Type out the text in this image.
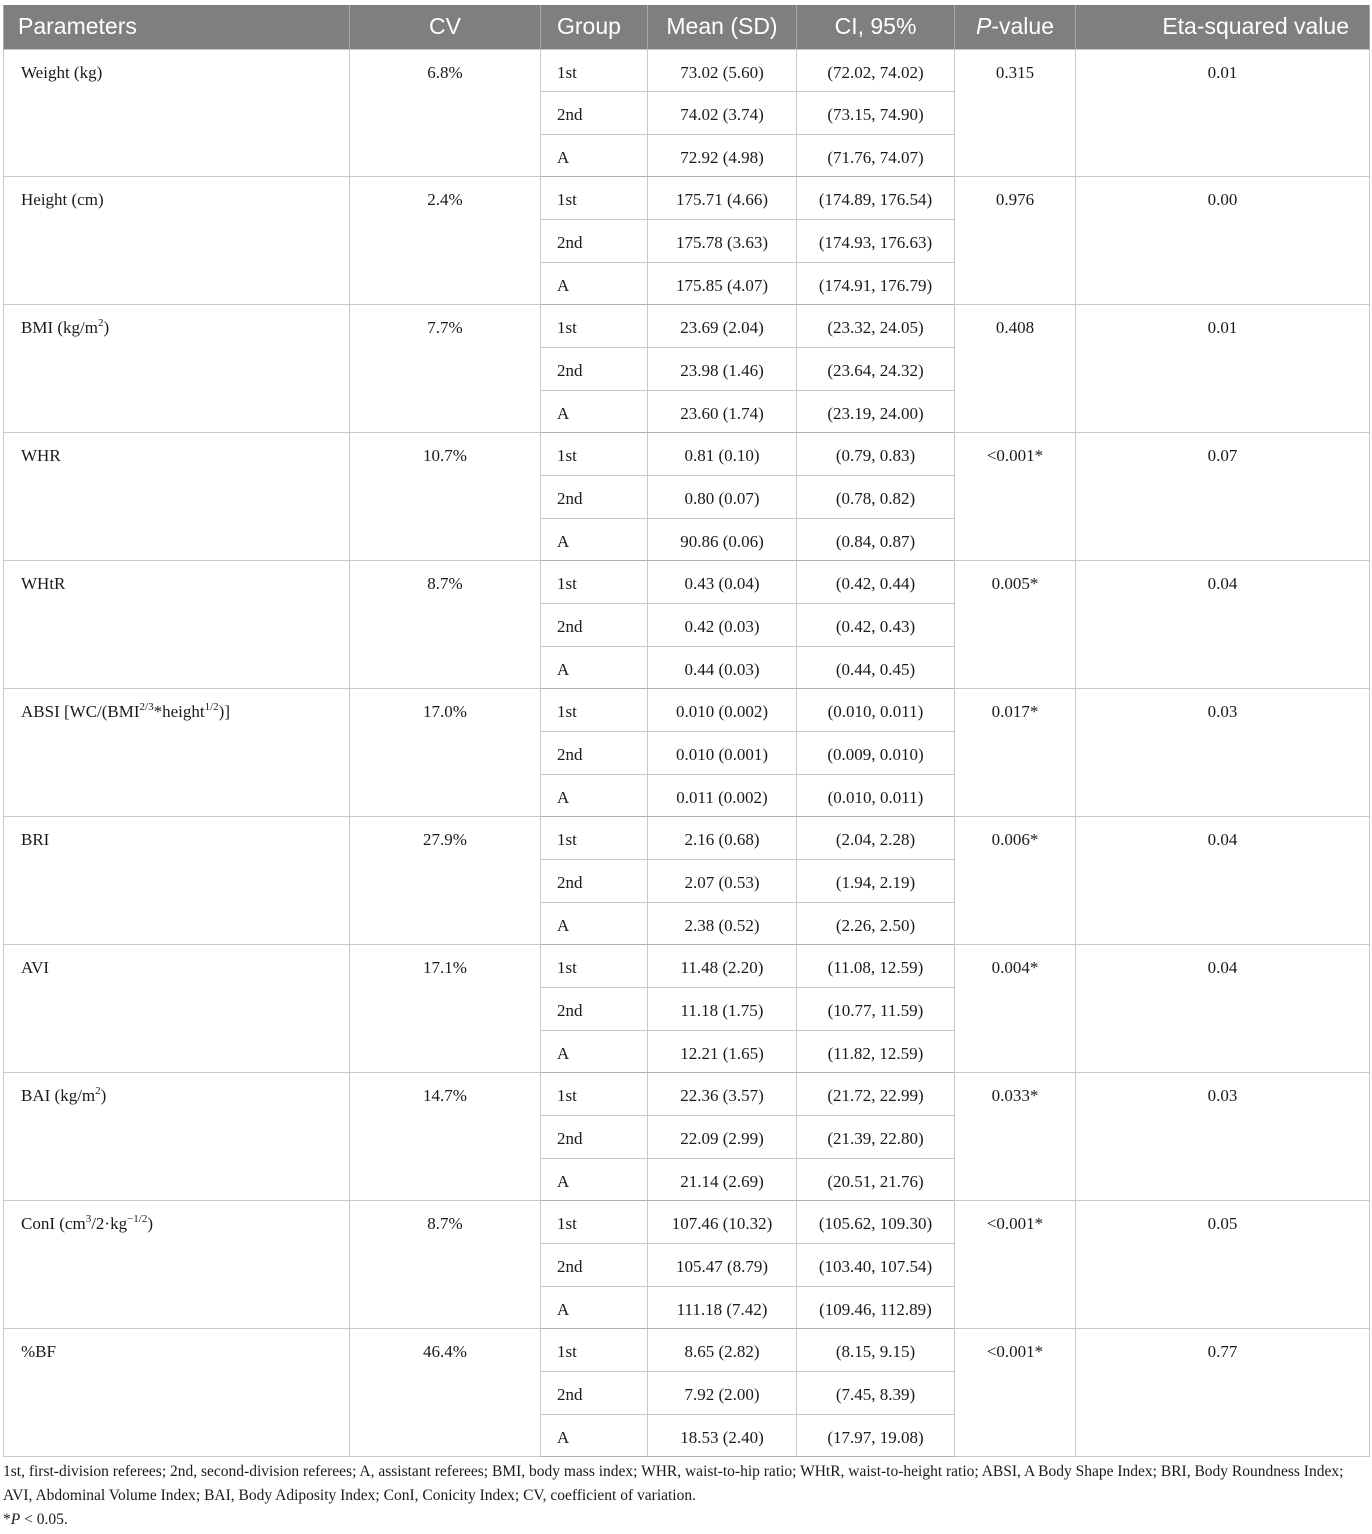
Parameters	CV	Group	Mean (SD)	CI, 95%	P-value	Eta-squared value
Weight (kg)	6.8%	1st	73.02 (5.60)	(72.02, 74.02)	0.315	0.01
		2nd	74.02 (3.74)	(73.15, 74.90)		
		A	72.92 (4.98)	(71.76, 74.07)		
Height (cm)	2.4%	1st	175.71 (4.66)	(174.89, 176.54)	0.976	0.00
		2nd	175.78 (3.63)	(174.93, 176.63)		
		A	175.85 (4.07)	(174.91, 176.79)		
BMI $(kg/m^2)$	7.7%	1st	23.69 (2.04)	(23.32, 24.05)	0.408	0.01
		2nd	23.98 (1.46)	(23.64, 24.32)		
		A	23.60 (1.74)	(23.19, 24.00)		
WHR	10.7%	1st	0.81 (0.10)	(0.79, 0.83)	<0.001*	0.07
		2nd	0.80 (0.07)	(0.78, 0.82)		
		A	90.86 (0.06)	(0.84, 0.87)		
WHtR	8.7%	1st	0.43 (0.04)	(0.42, 0.44)	0.005*	0.04
		2nd	0.42 (0.03)	(0.42, 0.43)		
		A	0.44 (0.03)	(0.44, 0.45)		
ABSI $[WC/(BMI^{2/3}*height^{1/2})]$	17.0%	1st	0.010 (0.002)	(0.010, 0.011)	0.017*	0.03
		2nd	0.010 (0.001)	(0.009, 0.010)		
		A	0.011 (0.002)	(0.010, 0.011)		
BRI	27.9%	1st	2.16 (0.68)	(2.04, 2.28)	0.006*	0.04
		2nd	2.07 (0.53)	(1.94, 2.19)		
		A	2.38 (0.52)	(2.26, 2.50)		
AVI	17.1%	1st	11.48 (2.20)	(11.08, 12.59)	0.004*	0.04
		2nd	11.18 (1.75)	(10.77, 11.59)		
		A	12.21 (1.65)	(11.82, 12.59)		
BAI $(kg/m^2)$	14.7%	1st	22.36 (3.57)	(21.72, 22.99)	0.033*	0.03
		2nd	22.09 (2.99)	(21.39, 22.80)		
		A	21.14 (2.69)	(20.51, 21.76)		
ConI $(cm^3/2\cdot kg^{-1/2})$	8.7%	1st	107.46 (10.32)	(105.62, 109.30)	<0.001*	0.05
		2nd	105.47 (8.79)	(103.40, 107.54)		
		A	111.18 (7.42)	(109.46, 112.89)		
%BF	46.4%	1st	8.65 (2.82)	(8.15, 9.15)	<0.001*	0.77
		2nd	7.92 (2.00)	(7.45, 8.39)		
		A	18.53 (2.40)	(17.97, 19.08)		

1st, first-division referees; 2nd, second-division referees; A, assistant referees; BMI, body mass index; WHR, waist-to-hip ratio; WHtR, waist-to-height ratio; ABSI, A Body Shape Index; BRI, Body Roundness Index; AVI, Abdominal Volume Index; BAI, Body Adiposity Index; ConI, Conicity Index; CV, coefficient of variation.

*P < 0.05.
